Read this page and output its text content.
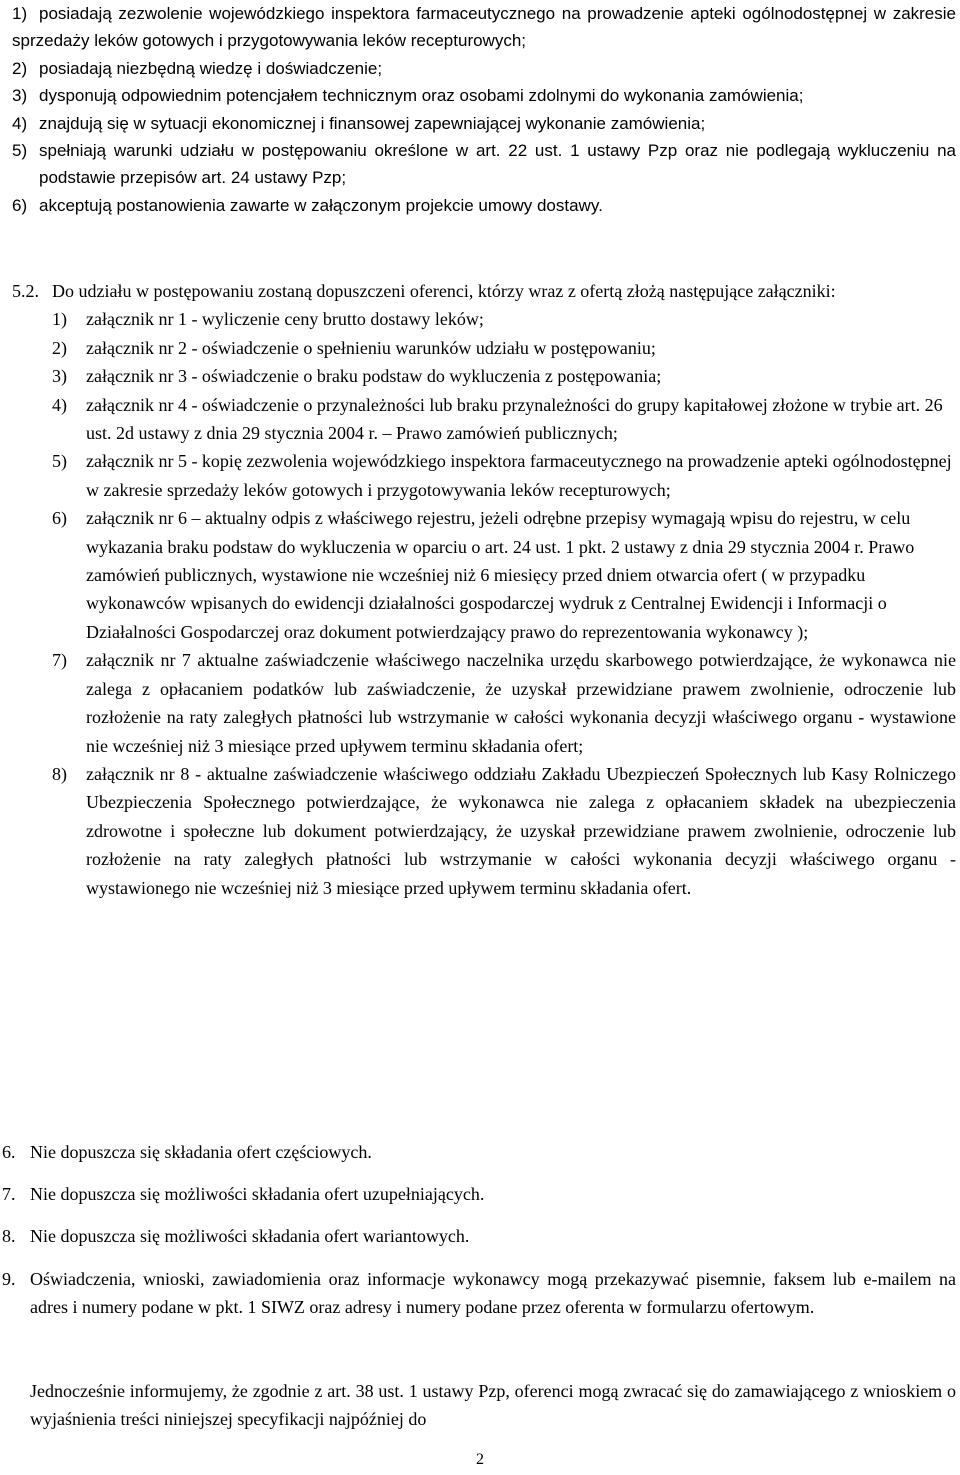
1) posiadają zezwolenie wojewódzkiego inspektora farmaceutycznego na prowadzenie apteki ogólnodostępnej w zakresie sprzedaży leków gotowych i przygotowywania leków recepturowych;
2) posiadają niezbędną wiedzę i doświadczenie;
3) dysponują odpowiednim potencjałem technicznym oraz osobami zdolnymi do wykonania zamówienia;
4) znajdują się w sytuacji ekonomicznej i finansowej zapewniającej wykonanie zamówienia;
5) spełniają warunki udziału w postępowaniu określone w art. 22 ust. 1 ustawy Pzp oraz nie podlegają wykluczeniu na podstawie przepisów art. 24 ustawy Pzp;
6) akceptują postanowienia zawarte w załączonym projekcie umowy dostawy.
5.2. Do udziału w postępowaniu zostaną dopuszczeni oferenci, którzy wraz z ofertą złożą następujące załączniki:
1) załącznik nr 1 - wyliczenie ceny brutto dostawy leków;
2) załącznik nr 2 - oświadczenie o spełnieniu warunków udziału w postępowaniu;
3) załącznik nr 3 - oświadczenie o braku podstaw do wykluczenia z postępowania;
4) załącznik nr 4 - oświadczenie o przynależności lub braku przynależności do grupy kapitałowej złożone w trybie art. 26 ust. 2d ustawy z dnia 29 stycznia 2004 r. – Prawo zamówień publicznych;
5) załącznik nr 5 - kopię zezwolenia wojewódzkiego inspektora farmaceutycznego na prowadzenie apteki ogólnodostępnej w zakresie sprzedaży leków gotowych i przygotowywania leków recepturowych;
6) załącznik nr 6 – aktualny odpis z właściwego rejestru, jeżeli odrębne przepisy wymagają wpisu do rejestru, w celu wykazania braku podstaw do wykluczenia w oparciu o art. 24 ust. 1 pkt. 2 ustawy z dnia 29 stycznia 2004 r. Prawo zamówień publicznych, wystawione nie wcześniej niż 6 miesięcy przed dniem otwarcia ofert ( w przypadku wykonawców wpisanych do ewidencji działalności gospodarczej wydruk z Centralnej Ewidencji i Informacji o Działalności Gospodarczej oraz dokument potwierdzający prawo do reprezentowania wykonawcy );
7) załącznik nr 7 aktualne zaświadczenie właściwego naczelnika urzędu skarbowego potwierdzające, że wykonawca nie zalega z opłacaniem podatków lub zaświadczenie, że uzyskał przewidziane prawem zwolnienie, odroczenie lub rozłożenie na raty zaległych płatności lub wstrzymanie w całości wykonania decyzji właściwego organu - wystawione nie wcześniej niż 3 miesiące przed upływem terminu składania ofert;
8) załącznik nr 8 - aktualne zaświadczenie właściwego oddziału Zakładu Ubezpieczeń Społecznych lub Kasy Rolniczego Ubezpieczenia Społecznego potwierdzające, że wykonawca nie zalega z opłacaniem składek na ubezpieczenia zdrowotne i społeczne lub dokument potwierdzający, że uzyskał przewidziane prawem zwolnienie, odroczenie lub rozłożenie na raty zaległych płatności lub wstrzymanie w całości wykonania decyzji właściwego organu - wystawionego nie wcześniej niż 3 miesiące przed upływem terminu składania ofert.
6. Nie dopuszcza się składania ofert częściowych.
7. Nie dopuszcza się możliwości składania ofert uzupełniających.
8. Nie dopuszcza się możliwości składania ofert wariantowych.
9. Oświadczenia, wnioski, zawiadomienia oraz informacje wykonawcy mogą przekazywać pisemnie, faksem lub e-mailem na adres i numery podane w pkt. 1 SIWZ oraz adresy i numery podane przez oferenta w formularzu ofertowym.
Jednocześnie informujemy, że zgodnie z art. 38 ust. 1 ustawy Pzp, oferenci mogą zwracać się do zamawiającego z wnioskiem o wyjaśnienia treści niniejszej specyfikacji najpóźniej do
2
